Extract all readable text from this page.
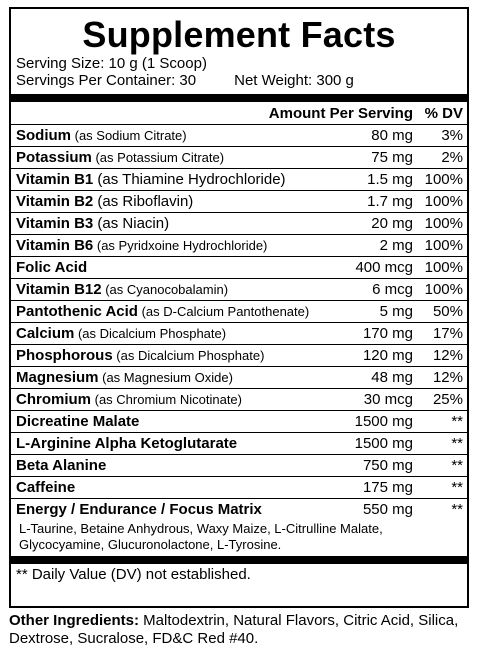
Supplement Facts
Serving Size: 10 g (1 Scoop)
Servings Per Container: 30	Net Weight: 300 g
Amount Per Serving % DV
Sodium (as Sodium Citrate)	80 mg	3%
Potassium (as Potassium Citrate)	75 mg	2%
Vitamin B1 (as Thiamine Hydrochloride)	1.5 mg 100%
Vitamin B2 (as Riboflavin)	1.7 mg 100%
Vitamin B3 (as Niacin)	20 mg 100%
Vitamin B6 (as Pyridxoine Hydrochloride)	2 mg 100%
Folic Acid	400 mcg 100%
Vitamin B12 (as Cyanocobalamin)	6 mcg 100%
Pantothenic Acid (as D-Calcium Pantothenate)	5 mg	50%
Calcium (as Dicalcium Phosphate)	170 mg	17%
Phosphorous (as Dicalcium Phosphate)	120 mg	12%
Magnesium (as Magnesium Oxide)	48 mg	12%
Chromium (as Chromium Nicotinate)	30 mcg	25%
Dicreatine Malate	1500 mg	**
L-Arginine Alpha Ketoglutarate	1500 mg	**
Beta Alanine	750 mg	**
Caffeine	175 mg	**
Energy / Endurance / Focus Matrix	550 mg	**
L-Taurine, Betaine Anhydrous, Waxy Maize, L-Citrulline Malate, Glycocyamine, Glucuronolactone, L-Tyrosine.
** Daily Value (DV) not established.
Other Ingredients: Maltodextrin, Natural Flavors, Citric Acid, Silica, Dextrose, Sucralose, FD&C Red #40.
